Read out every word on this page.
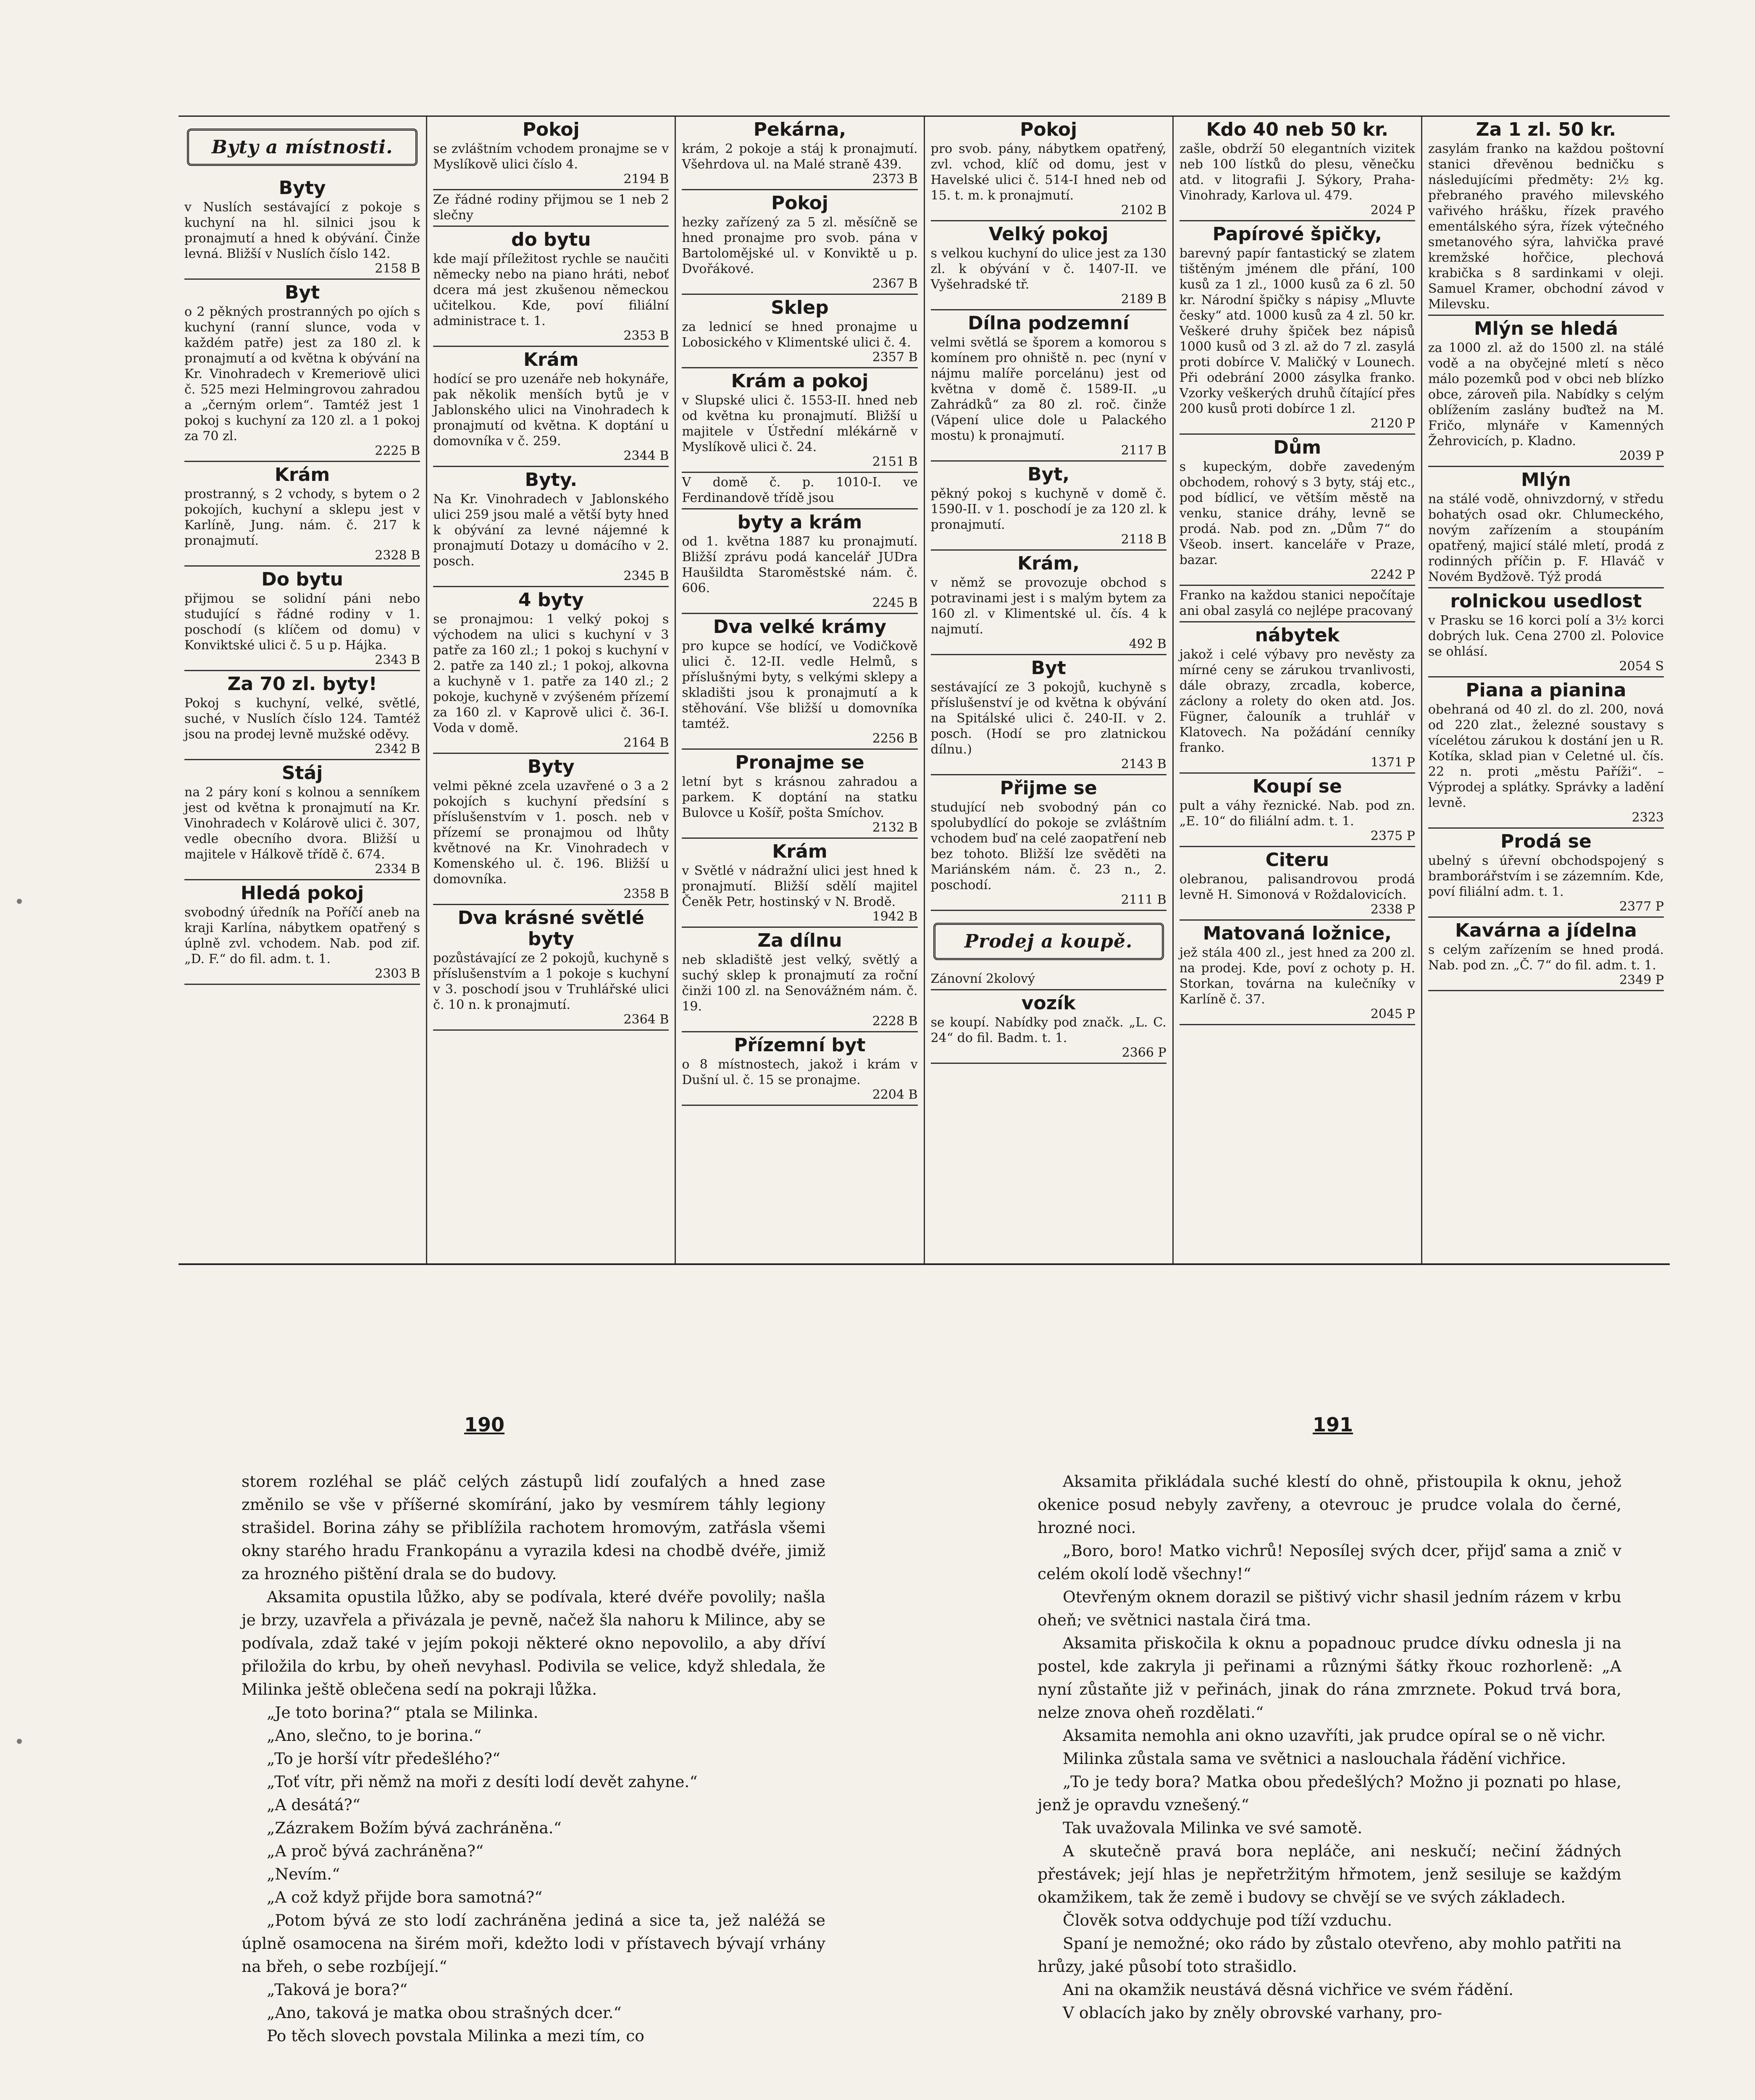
Byty a místnosti.
Byty
v Nuslích sestávající z pokoje s kuchyní na hl. silnici jsou k pronajmutí a hned k obývání. Činže levná. Bližší v Nuslích číslo 142.
2158 B
Byt
o 2 pěkných prostranných po ojích s kuchyní (ranní slunce, voda v každém patře) jest za 180 zl. k pronajmutí a od května k obývání na Kr. Vinohradech v Kremeriově ulici č. 525 mezi Helmingrovou zahradou a „černým orlem“. Tamtéž jest 1 pokoj s kuchyní za 120 zl. a 1 pokoj za 70 zl.
2225 B
Krám
prostranný, s 2 vchody, s bytem o 2 pokojích, kuchyní a sklepu jest v Karlíně, Jung. nám. č. 217 k pronajmutí.
2328 B
Do bytu
přijmou se solidní páni nebo studující s řádné rodiny v 1. poschodí (s klíčem od domu) v Konviktské ulici č. 5 u p. Hájka.
2343 B
Za 70 zl. byty!
Pokoj s kuchyní, velké, světlé, suché, v Nuslích číslo 124. Tamtéž jsou na prodej levně mužské oděvy.
2342 B
Stáj
na 2 páry koní s kolnou a senníkem jest od května k pronajmutí na Kr. Vinohradech v Kolárově ulici č. 307, vedle obecního dvora. Bližší u majitele v Hálkově třídě č. 674.
2334 B
Hledá pokoj
svobodný úředník na Poříčí aneb na kraji Karlína, nábytkem opatřený s úplně zvl. vchodem. Nab. pod zif. „D. F.“ do fil. adm. t. 1.
2303 B
Pokoj
se zvláštním vchodem pronajme se v Myslíkově ulici číslo 4.
2194 B
Ze řádné rodiny přijmou se 1 neb 2 slečny
do bytu
kde mají příležitost rychle se naučiti německy nebo na piano hráti, neboť dcera má jest zkušenou německou učitelkou. Kde, poví filiální administrace t. 1.
2353 B
Krám
hodící se pro uzenáře neb hokynáře, pak několik menších bytů je v Jablonského ulici na Vinohradech k pronajmutí od května. K doptání u domovníka v č. 259.
2344 B
Byty.
Na Kr. Vinohradech v Jablonského ulici 259 jsou malé a větší byty hned k obývání za levné nájemné k pronajmutí Dotazy u domácího v 2. posch.
2345 B
4 byty
se pronajmou: 1 velký pokoj s východem na ulici s kuchyní v 3 patře za 160 zl.; 1 pokoj s kuchyní v 2. patře za 140 zl.; 1 pokoj, alkovna a kuchyně v 1. patře za 140 zl.; 2 pokoje, kuchyně v zvýšeném přízemí za 160 zl. v Kaprově ulici č. 36-I. Voda v domě.
2164 B
Byty
velmi pěkné zcela uzavřené o 3 a 2 pokojích s kuchyní předsíní s příslušenstvím v 1. posch. neb v přízemí se pronajmou od lhůty květnové na Kr. Vinohradech v Komenského ul. č. 196. Bližší u domovníka.
2358 B
Dva krásné světlé byty
pozůstávající ze 2 pokojů, kuchyně s příslušenstvím a 1 pokoje s kuchyní v 3. poschodí jsou v Truhlářské ulici č. 10 n. k pronajmutí.
2364 B
Pekárna,
krám, 2 pokoje a stáj k pronajmutí. Všehrdova ul. na Malé straně 439.
2373 B
Pokoj
hezky zařízený za 5 zl. měsíčně se hned pronajme pro svob. pána v Bartolomějské ul. v Konviktě u p. Dvořákové.
2367 B
Sklep
za lednicí se hned pronajme u Lobosického v Klimentské ulici č. 4.
2357 B
Krám a pokoj
v Slupské ulici č. 1553-II. hned neb od května ku pronajmutí. Bližší u majitele v Ústřední mlékárně v Myslíkově ulici č. 24.
2151 B
V domě č. p. 1010-I. ve Ferdinandově třídě jsou
byty a krám
od 1. května 1887 ku pronajmutí. Bližší zprávu podá kancelář JUDra Haušildta Staroměstské nám. č. 606.
2245 B
Dva velké krámy
pro kupce se hodící, ve Vodičkově ulici č. 12-II. vedle Helmů, s příslušnými byty, s velkými sklepy a skladišti jsou k pronajmutí a k stěhování. Vše bližší u domovníka tamtéž.
2256 B
Pronajme se
letní byt s krásnou zahradou a parkem. K doptání na statku Bulovce u Košíř, pošta Smíchov.
2132 B
Krám
v Světlé v nádražní ulici jest hned k pronajmutí. Bližší sdělí majitel Čeněk Petr, hostinský v N. Brodě.
1942 B
Za dílnu
neb skladiště jest velký, světlý a suchý sklep k pronajmutí za roční činži 100 zl. na Senovážném nám. č. 19.
2228 B
Přízemní byt
o 8 místnostech, jakož i krám v Dušní ul. č. 15 se pronajme.
2204 B
Pokoj
pro svob. pány, nábytkem opatřený, zvl. vchod, klíč od domu, jest v Havelské ulici č. 514-I hned neb od 15. t. m. k pronajmutí.
2102 B
Velký pokoj
s velkou kuchyní do ulice jest za 130 zl. k obývání v č. 1407-II. ve Vyšehradské tř.
2189 B
Dílna podzemní
velmi světlá se šporem a komorou s komínem pro ohniště n. pec (nyní v nájmu malíře porcelánu) jest od května v domě č. 1589-II. „u Zahrádků“ za 80 zl. roč. činže (Vápení ulice dole u Palackého mostu) k pronajmutí.
2117 B
Byt,
pěkný pokoj s kuchyně v domě č. 1590-II. v 1. poschodí je za 120 zl. k pronajmutí.
2118 B
Krám,
v němž se provozuje obchod s potravinami jest i s malým bytem za 160 zl. v Klimentské ul. čís. 4 k najmutí.
492 B
Byt
sestávající ze 3 pokojů, kuchyně s příslušenství je od května k obývání na Spitálské ulici č. 240-II. v 2. posch. (Hodí se pro zlatnickou dílnu.)
2143 B
Přijme se
studující neb svobodný pán co spolubydlící do pokoje se zvláštním vchodem buď na celé zaopatření neb bez tohoto. Bližší lze svěděti na Mariánském nám. č. 23 n., 2. poschodí.
2111 B
Prodej a koupě.
Zánovní 2kolový
vozík
se koupí. Nabídky pod značk. „L. C. 24“ do fil. Badm. t. 1.
2366 P
Kdo 40 neb 50 kr.
zašle, obdrží 50 elegantních vizitek neb 100 lístků do plesu, věnečku atd. v litografii J. Sýkory, Praha-Vinohrady, Karlova ul. 479.
2024 P
Papírové špičky,
barevný papír fantastický se zlatem tištěným jménem dle přání, 100 kusů za 1 zl., 1000 kusů za 6 zl. 50 kr. Národní špičky s nápisy „Mluvte česky“ atd. 1000 kusů za 4 zl. 50 kr. Veškeré druhy špiček bez nápisů 1000 kusů od 3 zl. až do 7 zl. zasylá proti dobírce V. Maličký v Lounech. Při odebrání 2000 zásylka franko. Vzorky veškerých druhů čítající přes 200 kusů proti dobírce 1 zl.
2120 P
Dům
s kupeckým, dobře zavedeným obchodem, rohový s 3 byty, stáj etc., pod bídlicí, ve větším městě na venku, stanice dráhy, levně se prodá. Nab. pod zn. „Dům 7“ do Všeob. insert. kanceláře v Praze, bazar.
2242 P
Franko na každou stanici nepočítaje ani obal zasylá co nejlépe pracovaný
nábytek
jakož i celé výbavy pro nevěsty za mírné ceny se zárukou trvanlivosti, dále obrazy, zrcadla, koberce, záclony a rolety do oken atd. Jos. Fügner, čalouník a truhlář v Klatovech. Na požádání cenníky franko.
1371 P
Koupí se
pult a váhy řeznické. Nab. pod zn. „E. 10“ do filiální adm. t. 1.
2375 P
Citeru
olebranou, palisandrovou prodá levně H. Simonová v Roždalovicích.
2338 P
Matovaná ložnice,
jež stála 400 zl., jest hned za 200 zl. na prodej. Kde, poví z ochoty p. H. Storkan, továrna na kulečníky v Karlíně č. 37.
2045 P
Za 1 zl. 50 kr.
zasylám franko na každou poštovní stanici dřevěnou bedničku s následujícími předměty: 2½ kg. přebraného pravého milevského vařivého hrášku, řízek pravého ementálského sýra, řízek výtečného smetanového sýra, lahvička pravé kremžské hořčice, plechová krabička s 8 sardinkami v oleji. Samuel Kramer, obchodní závod v Milevsku.
Mlýn se hledá
za 1000 zl. až do 1500 zl. na stálé vodě a na obyčejné mletí s něco málo pozemků pod v obci neb blízko obce, zároveň pila. Nabídky s celým oblížením zaslány buďtež na M. Fričo, mlynáře v Kamenných Žehrovicích, p. Kladno.
2039 P
Mlýn
na stálé vodě, ohnivzdorný, v středu bohatých osad okr. Chlumeckého, novým zařízením a stoupáním opatřený, majicí stálé mletí, prodá z rodinných příčin p. F. Hlaváč v Novém Bydžově. Týž prodá
rolnickou usedlost
v Prasku se 16 korci polí a 3½ korci dobrých luk. Cena 2700 zl. Polovice se ohlásí.
2054 S
Piana a pianina
obehraná od 40 zl. do zl. 200, nová od 220 zlat., železné soustavy s vícelétou zárukou k dostání jen u R. Kotíka, sklad pian v Celetné ul. čís. 22 n. proti „městu Paříži“. – Výprodej a splátky. Správky a ladění levně.
2323
Prodá se
ubelný s úřevní obchodspojený s bramborářstvím i se zázemním. Kde, poví filiální adm. t. 1.
2377 P
Kavárna a jídelna
s celým zařízením se hned prodá. Nab. pod zn. „Č. 7“ do fil. adm. t. 1.
2349 P
190	191

storem rozléhal se pláč celých zástupů lidí zoufalých a hned zase změnilo se vše v příšerné skomírání, jako by vesmírem táhly legiony strašidel. Borina záhy se přiblížila rachotem hromovým, zatřásla všemi okny starého hradu Frankopánu a vyrazila kdesi na chodbě dvéře, jimiž za hrozného pištění drala se do budovy.

Aksamita opustila lůžko, aby se podívala, které dvéře povolily; našla je brzy, uzavřela a přivázala je pevně, načež šla nahoru k Milince, aby se podívala, zdaž také v jejím pokoji některé okno nepovolilo, a aby dříví přiložila do krbu, by oheň nevyhasl. Podivila se velice, když shledala, že Milinka ještě oblečena sedí na pokraji lůžka.

„Je toto borina?“ ptala se Milinka.

„Ano, slečno, to je borina.“

„To je horší vítr předešlého?“

„Toť vítr, při němž na moři z desíti lodí devět zahyne.“

„A desátá?“

„Zázrakem Božím bývá zachráněna.“

„A proč bývá zachráněna?“

„Nevím.“

„A což když přijde bora samotná?“

„Potom bývá ze sto lodí zachráněna jediná a sice ta, jež naléžá se úplně osamocena na širém moři, kdežto lodi v přístavech bývají vrhány na břeh, o sebe rozbíjejí.“

„Taková je bora?“

„Ano, taková je matka obou strašných dcer.“

Po těch slovech povstala Milinka a mezi tím, co

Aksamita přikládala suché klestí do ohně, přistoupila k oknu, jehož okenice posud nebyly zavřeny, a otevrouc je prudce volala do černé, hrozné noci.

„Boro, boro! Matko vichrů! Neposílej svých dcer, přijď sama a znič v celém okolí lodě všechny!“

Otevřeným oknem dorazil se pištivý vichr shasil jedním rázem v krbu oheň; ve světnici nastala čirá tma.

Aksamita přiskočila k oknu a popadnouc prudce dívku odnesla ji na postel, kde zakryla ji peřinami a různými šátky řkouc rozhorleně: „A nyní zůstaňte již v peřinách, jinak do rána zmrznete. Pokud trvá bora, nelze znova oheň rozdělati.“

Aksamita nemohla ani okno uzavříti, jak prudce opíral se o ně vichr.

Milinka zůstala sama ve světnici a naslouchala řádění vichřice.

„To je tedy bora? Matka obou předešlých? Možno ji poznati po hlase, jenž je opravdu vznešený.“

Tak uvažovala Milinka ve své samotě.

A skutečně pravá bora nepláče, ani neskučí; nečiní žádných přestávek; její hlas je nepřetržitým hřmotem, jenž sesiluje se každým okamžikem, tak že země i budovy se chvějí se ve svých základech.

Člověk sotva oddychuje pod tíží vzduchu.

Spaní je nemožné; oko rádo by zůstalo otevřeno, aby mohlo patřiti na hrůzy, jaké působí toto strašidlo.

Ani na okamžik neustává děsná vichřice ve svém řádění.

V oblacích jako by zněly obrovské varhany, pro-
